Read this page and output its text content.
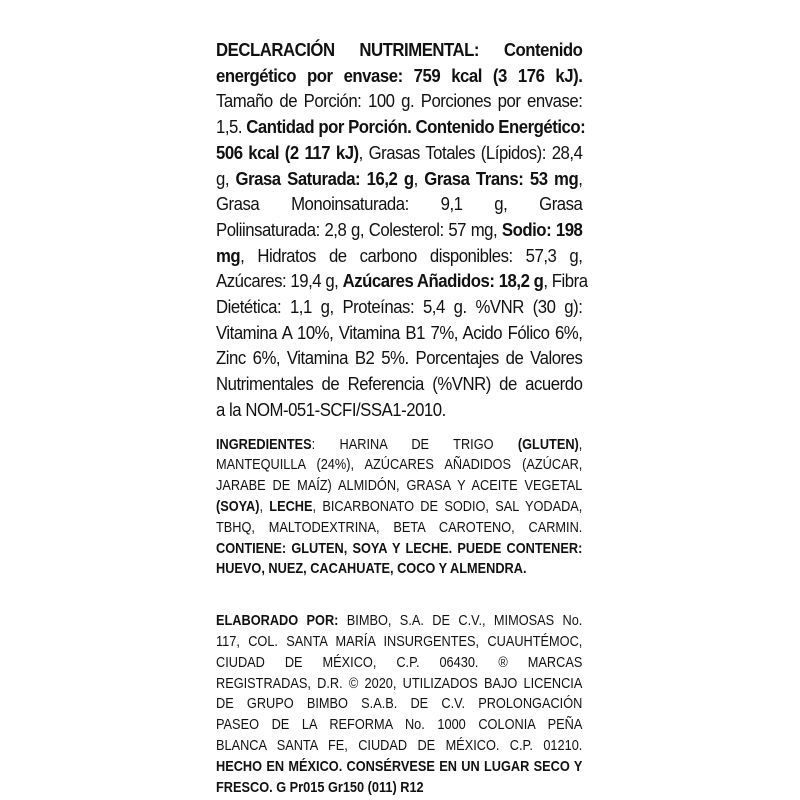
DECLARACIÓN NUTRIMENTAL: Contenido

energético por envase: 759 kcal (3 176 kJ).

Tamaño de Porción: 100 g. Porciones por envase:

1,5. Cantidad por Porción. Contenido Energético:

506 kcal (2 117 kJ), Grasas Totales (Lípidos): 28,4

g, Grasa Saturada: 16,2 g, Grasa Trans: 53 mg,

Grasa Monoinsaturada: 9,1 g, Grasa

Poliinsaturada: 2,8 g, Colesterol: 57 mg, Sodio: 198

mg, Hidratos de carbono disponibles: 57,3 g,

Azúcares: 19,4 g, Azúcares Añadidos: 18,2 g, Fibra

Dietética: 1,1 g, Proteínas: 5,4 g. %VNR (30 g):

Vitamina A 10%, Vitamina B1 7%, Acido Fólico 6%,

Zinc 6%, Vitamina B2 5%. Porcentajes de Valores

Nutrimentales de Referencia (%VNR) de acuerdo

a la NOM-051-SCFI/SSA1-2010.

INGREDIENTES: HARINA DE TRIGO (GLUTEN),

MANTEQUILLA (24%), AZÚCARES AÑADIDOS (AZÚCAR,

JARABE DE MAÍZ) ALMIDÓN, GRASA Y ACEITE VEGETAL

(SOYA), LECHE, BICARBONATO DE SODIO, SAL YODADA,

TBHQ, MALTODEXTRINA, BETA CAROTENO, CARMIN.

CONTIENE: GLUTEN, SOYA Y LECHE. PUEDE CONTENER:

HUEVO, NUEZ, CACAHUATE, COCO Y ALMENDRA.

ELABORADO POR: BIMBO, S.A. DE C.V., MIMOSAS No.

117, COL. SANTA MARÍA INSURGENTES, CUAUHTÉMOC,

CIUDAD DE MÉXICO, C.P. 06430. ® MARCAS

REGISTRADAS, D.R. © 2020, UTILIZADOS BAJO LICENCIA

DE GRUPO BIMBO S.A.B. DE C.V. PROLONGACIÓN

PASEO DE LA REFORMA No. 1000 COLONIA PEÑA

BLANCA SANTA FE, CIUDAD DE MÉXICO. C.P. 01210.

HECHO EN MÉXICO. CONSÉRVESE EN UN LUGAR SECO Y

FRESCO. G Pr015 Gr150 (011) R12
